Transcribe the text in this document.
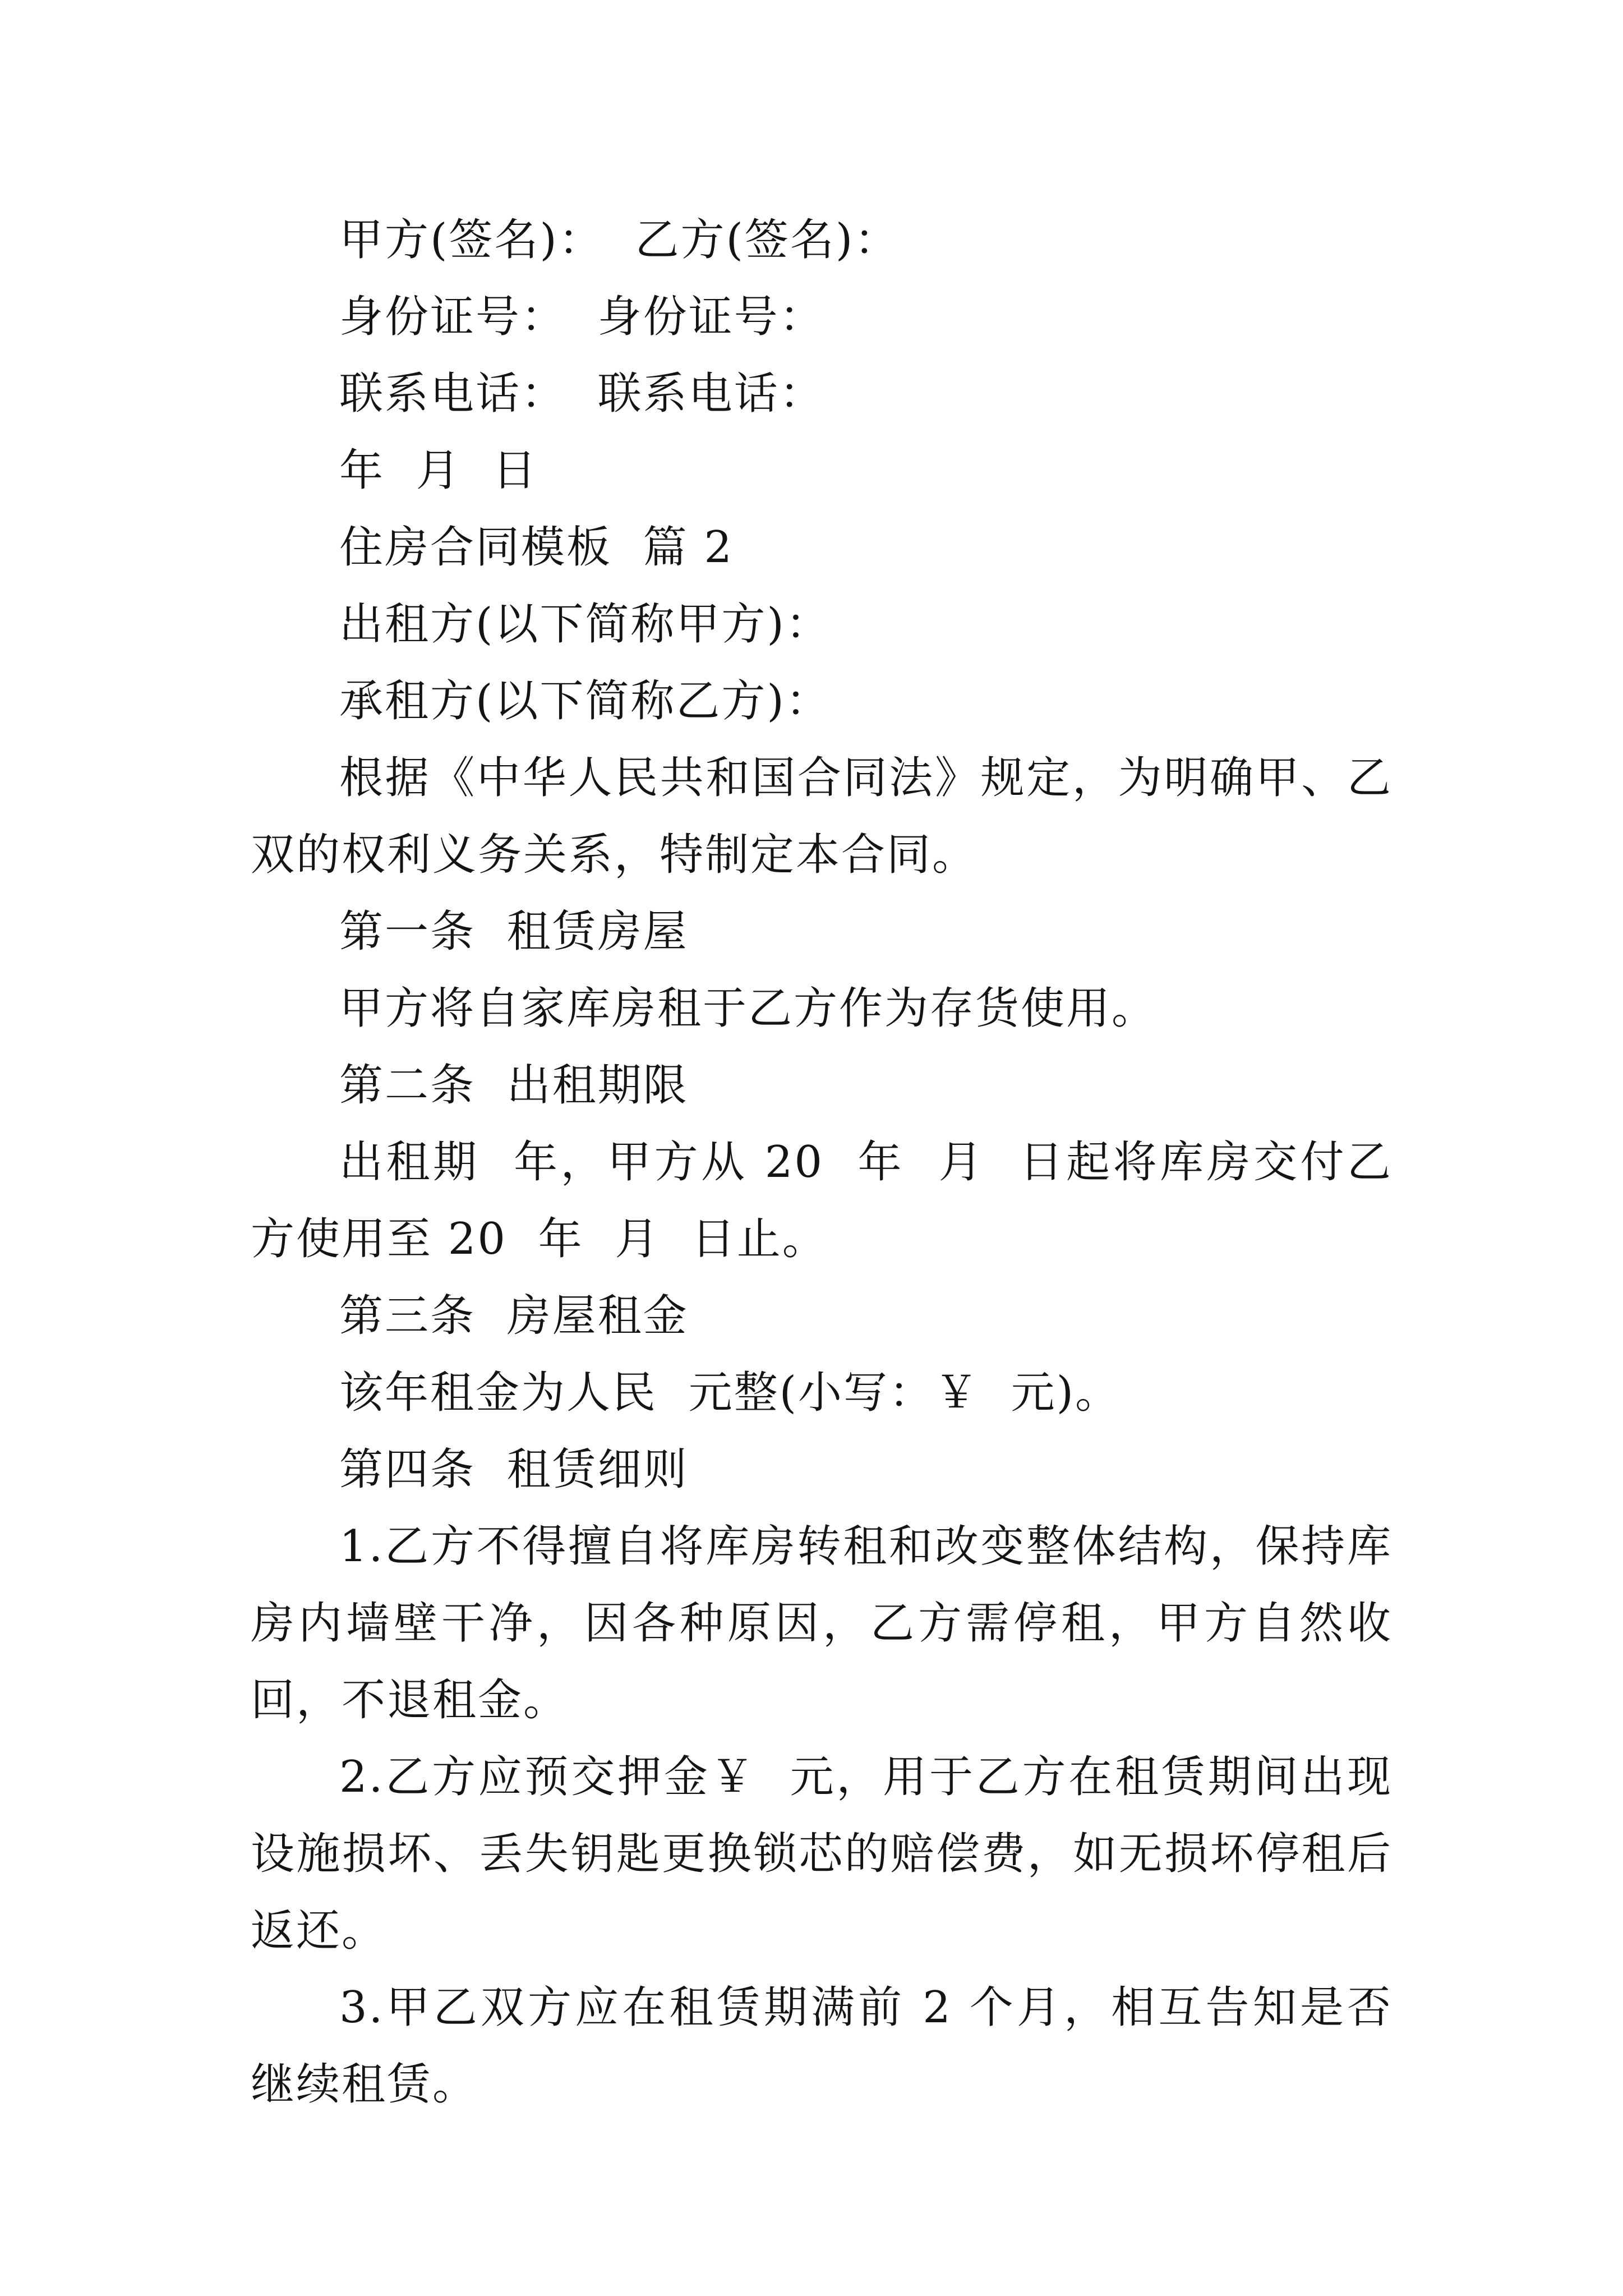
甲方(签名)：  乙方(签名)：

身份证号：  身份证号：

联系电话：  联系电话：

年  月  日

住房合同模板  篇 2

出租方(以下简称甲方)：

承租方(以下简称乙方)：

根据《中华人民共和国合同法》规定，为明确甲、乙双的权利义务关系，特制定本合同。

第一条  租赁房屋

甲方将自家库房租于乙方作为存货使用。

第二条  出租期限

出租期  年，甲方从 20  年  月  日起将库房交付乙方使用至 20  年  月  日止。

第三条  房屋租金

该年租金为人民  元整(小写：￥  元)。

第四条  租赁细则

1.乙方不得擅自将库房转租和改变整体结构，保持库房内墙壁干净，因各种原因，乙方需停租，甲方自然收回，不退租金。

2.乙方应预交押金￥  元，用于乙方在租赁期间出现设施损坏、丢失钥匙更换锁芯的赔偿费，如无损坏停租后返还。

3.甲乙双方应在租赁期满前 2 个月，相互告知是否继续租赁。
